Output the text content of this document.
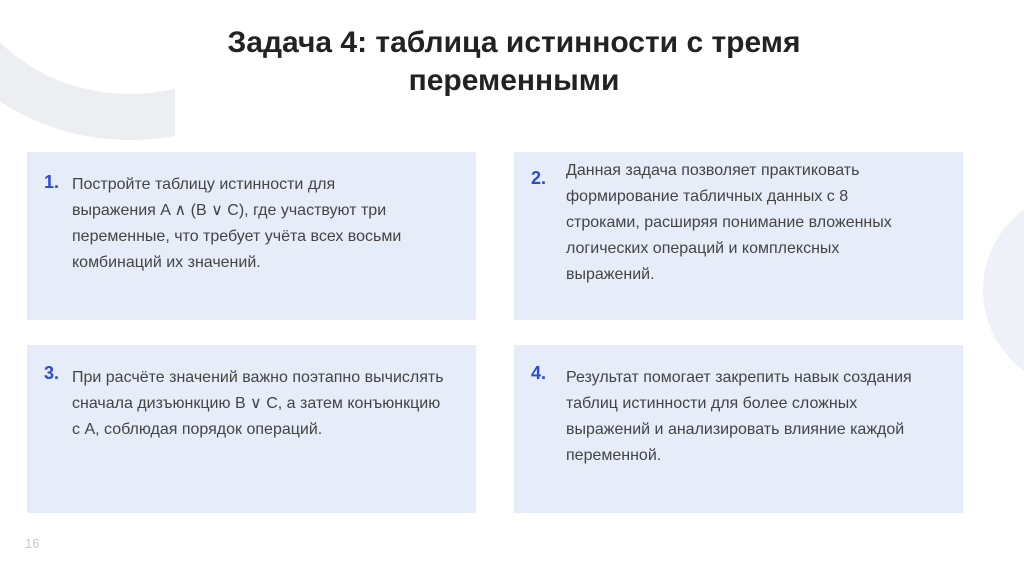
Задача 4: таблица истинности с тремя переменными
1. Постройте таблицу истинности для выражения A ∧ (B ∨ C), где участвуют три переменные, что требует учёта всех восьми комбинаций их значений.
2. Данная задача позволяет практиковать формирование табличных данных с 8 строками, расширяя понимание вложенных логических операций и комплексных выражений.
3. При расчёте значений важно поэтапно вычислять сначала дизъюнкцию B ∨ C, а затем конъюнкцию с A, соблюдая порядок операций.
4. Результат помогает закрепить навык создания таблиц истинности для более сложных выражений и анализировать влияние каждой переменной.
16
